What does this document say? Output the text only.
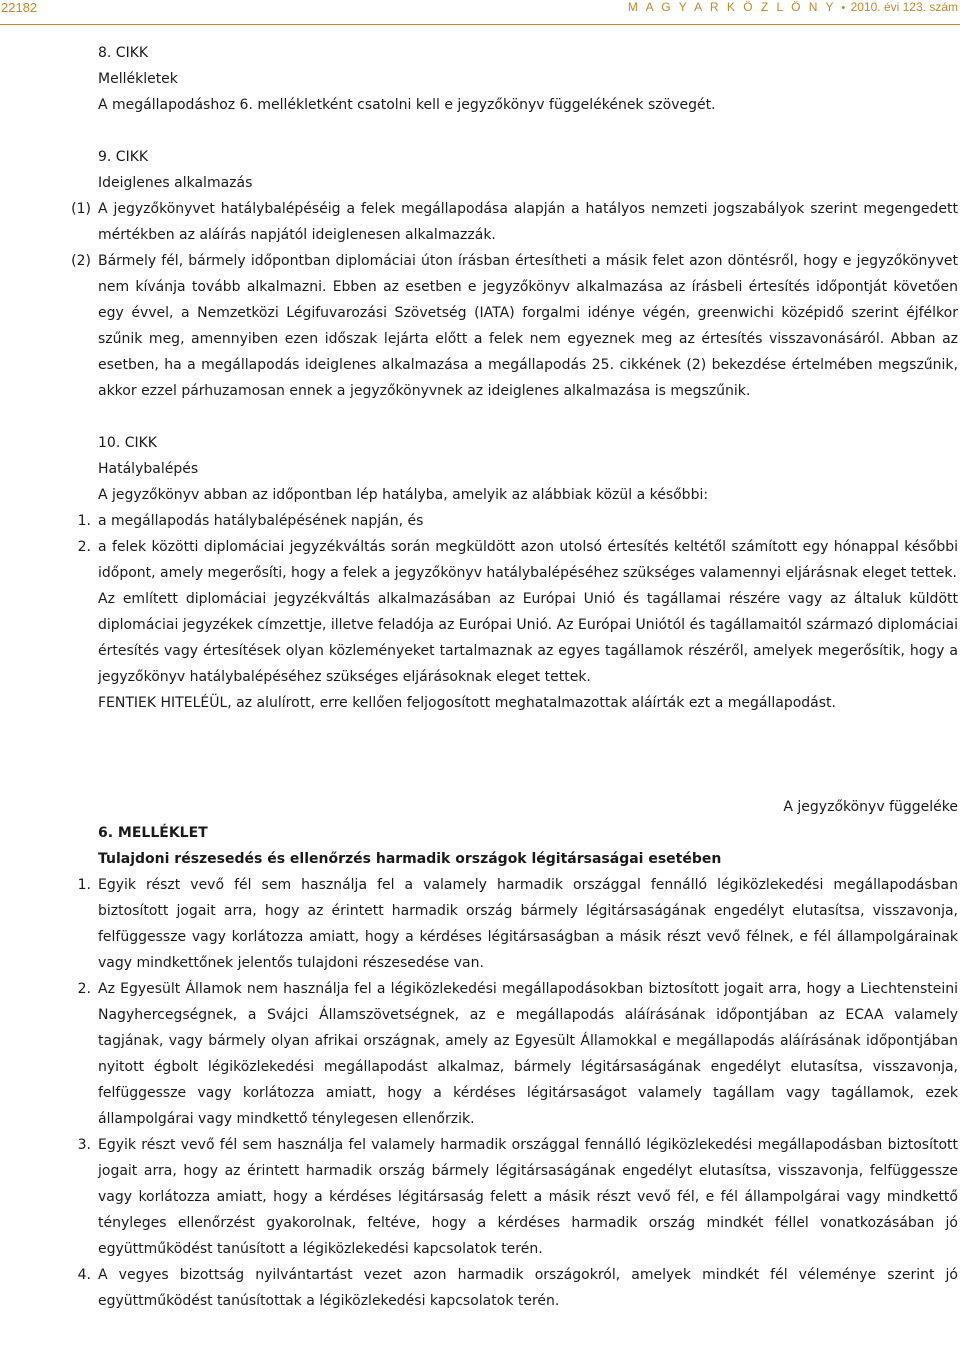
22182	M A G Y A R K Ö Z L Ö N Y • 2010. évi 123. szám

8. CIKK

Mellékletek

A megállapodáshoz 6. mellékletként csatolni kell e jegyzőkönyv függelékének szövegét.

9. CIKK

Ideiglenes alkalmazás

(1) A jegyzőkönyvet hatálybalépéséig a felek megállapodása alapján a hatályos nemzeti jogszabályok szerint megengedett mértékben az aláírás napjától ideiglenesen alkalmazzák.

(2) Bármely fél, bármely időpontban diplomáciai úton írásban értesítheti a másik felet azon döntésről, hogy e jegyzőkönyvet nem kívánja tovább alkalmazni. Ebben az esetben e jegyzőkönyv alkalmazása az írásbeli értesítés időpontját követően egy évvel, a Nemzetközi Légifuvarozási Szövetség (IATA) forgalmi idénye végén, greenwichi középidő szerint éjfélkor szűnik meg, amennyiben ezen időszak lejárta előtt a felek nem egyeznek meg az értesítés visszavonásáról. Abban az esetben, ha a megállapodás ideiglenes alkalmazása a megállapodás 25. cikkének (2) bekezdése értelmében megszűnik, akkor ezzel párhuzamosan ennek a jegyzőkönyvnek az ideiglenes alkalmazása is megszűnik.

10. CIKK

Hatálybalépés

A jegyzőkönyv abban az időpontban lép hatályba, amelyik az alábbiak közül a későbbi:

1. a megállapodás hatálybalépésének napján, és

2. a felek közötti diplomáciai jegyzékváltás során megküldött azon utolsó értesítés keltétől számított egy hónappal későbbi időpont, amely megerősíti, hogy a felek a jegyzőkönyv hatálybalépéséhez szükséges valamennyi eljárásnak eleget tettek.

Az említett diplomáciai jegyzékváltás alkalmazásában az Európai Unió és tagállamai részére vagy az általuk küldött diplomáciai jegyzékek címzettje, illetve feladója az Európai Unió. Az Európai Uniótól és tagállamaitól származó diplomáciai értesítés vagy értesítések olyan közleményeket tartalmaznak az egyes tagállamok részéről, amelyek megerősítik, hogy a jegyzőkönyv hatálybalépéséhez szükséges eljárásoknak eleget tettek.

FENTIEK HITELÉÜL, az alulírott, erre kellően feljogosított meghatalmazottak aláírták ezt a megállapodást.

A jegyzőkönyv függeléke

6. MELLÉKLET

Tulajdoni részesedés és ellenőrzés harmadik országok légitársaságai esetében

1. Egyik részt vevő fél sem használja fel a valamely harmadik országgal fennálló légiközlekedési megállapodásban biztosított jogait arra, hogy az érintett harmadik ország bármely légitársaságának engedélyt elutasítsa, visszavonja, felfüggessze vagy korlátozza amiatt, hogy a kérdéses légitársaságban a másik részt vevő félnek, e fél állampolgárainak vagy mindkettőnek jelentős tulajdoni részesedése van.

2. Az Egyesült Államok nem használja fel a légiközlekedési megállapodásokban biztosított jogait arra, hogy a Liechtensteini Nagyhercegségnek, a Svájci Államszövetségnek, az e megállapodás aláírásának időpontjában az ECAA valamely tagjának, vagy bármely olyan afrikai országnak, amely az Egyesült Államokkal e megállapodás aláírásának időpontjában nyitott égbolt légiközlekedési megállapodást alkalmaz, bármely légitársaságának engedélyt elutasítsa, visszavonja, felfüggessze vagy korlátozza amiatt, hogy a kérdéses légitársaságot valamely tagállam vagy tagállamok, ezek állampolgárai vagy mindkettő ténylegesen ellenőrzik.

3. Egyik részt vevő fél sem használja fel valamely harmadik országgal fennálló légiközlekedési megállapodásban biztosított jogait arra, hogy az érintett harmadik ország bármely légitársaságának engedélyt elutasítsa, visszavonja, felfüggessze vagy korlátozza amiatt, hogy a kérdéses légitársaság felett a másik részt vevő fél, e fél állampolgárai vagy mindkettő tényleges ellenőrzést gyakorolnak, feltéve, hogy a kérdéses harmadik ország mindkét féllel vonatkozásában jó együttműködést tanúsított a légiközlekedési kapcsolatok terén.

4. A vegyes bizottság nyilvántartást vezet azon harmadik országokról, amelyek mindkét fél véleménye szerint jó együttműködést tanúsítottak a légiközlekedési kapcsolatok terén.
